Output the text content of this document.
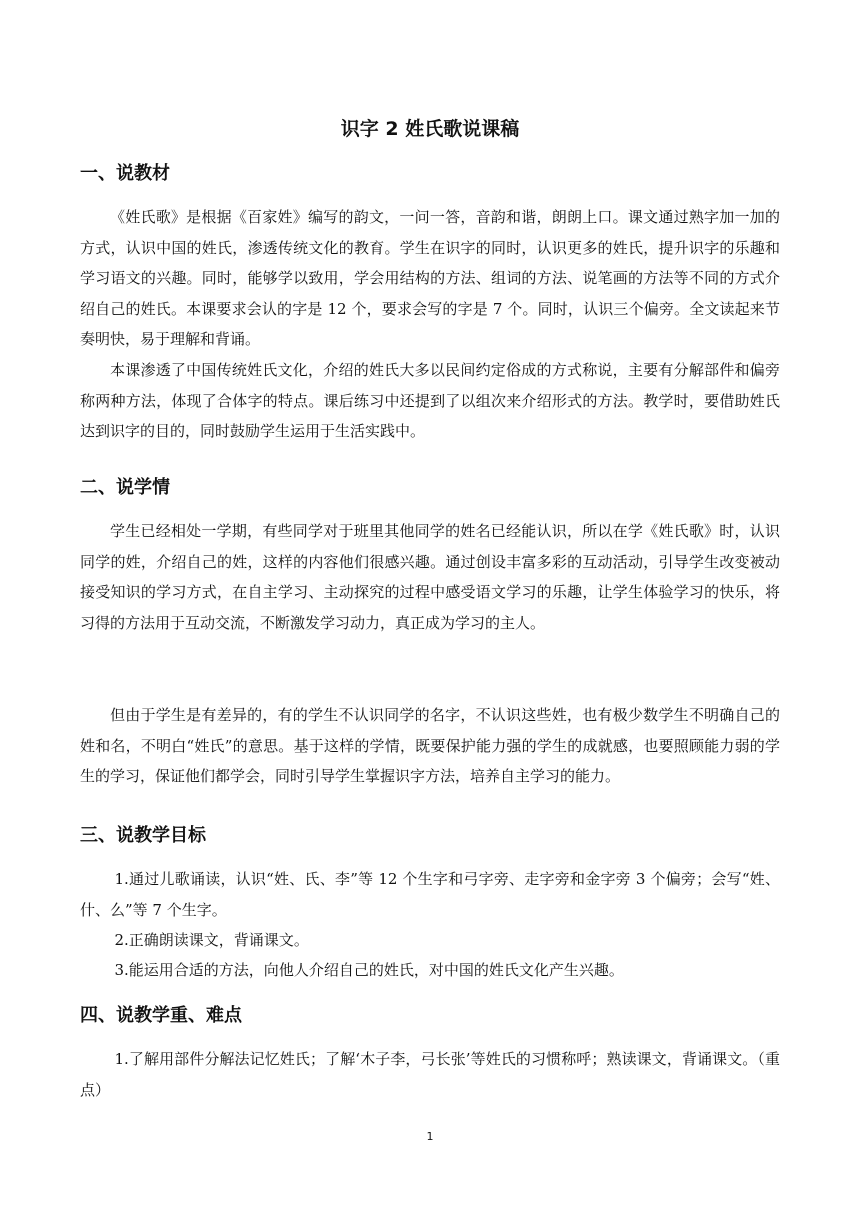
识字 2 姓氏歌说课稿
一、说教材

《姓氏歌》是根据《百家姓》编写的韵文，一问一答，音韵和谐，朗朗上口。课文通过熟字加一加的方式，认识中国的姓氏，渗透传统文化的教育。学生在识字的同时，认识更多的姓氏，提升识字的乐趣和学习语文的兴趣。同时，能够学以致用，学会用结构的方法、组词的方法、说笔画的方法等不同的方式介绍自己的姓氏。本课要求会认的字是 12 个，要求会写的字是 7 个。同时，认识三个偏旁。全文读起来节奏明快，易于理解和背诵。

本课渗透了中国传统姓氏文化，介绍的姓氏大多以民间约定俗成的方式称说，主要有分解部件和偏旁称两种方法，体现了合体字的特点。课后练习中还提到了以组次来介绍形式的方法。教学时，要借助姓氏达到识字的目的，同时鼓励学生运用于生活实践中。

二、说学情

学生已经相处一学期，有些同学对于班里其他同学的姓名已经能认识，所以在学《姓氏歌》时，认识同学的姓，介绍自己的姓，这样的内容他们很感兴趣。通过创设丰富多彩的互动活动，引导学生改变被动接受知识的学习方式，在自主学习、主动探究的过程中感受语文学习的乐趣，让学生体验学习的快乐，将习得的方法用于互动交流，不断激发学习动力，真正成为学习的主人。

但由于学生是有差异的，有的学生不认识同学的名字，不认识这些姓，也有极少数学生不明确自己的姓和名，不明白“姓氏”的意思。基于这样的学情，既要保护能力强的学生的成就感，也要照顾能力弱的学生的学习，保证他们都学会，同时引导学生掌握识字方法，培养自主学习的能力。

三、说教学目标

1.通过儿歌诵读，认识“姓、氏、李”等 12 个生字和弓字旁、走字旁和金字旁 3 个偏旁；会写“姓、什、么”等 7 个生字。

2.正确朗读课文，背诵课文。

3.能运用合适的方法，向他人介绍自己的姓氏，对中国的姓氏文化产生兴趣。

四、说教学重、难点

1.了解用部件分解法记忆姓氏；了解‘木子李，弓长张’等姓氏的习惯称呼；熟读课文，背诵课文。（重点）

1
